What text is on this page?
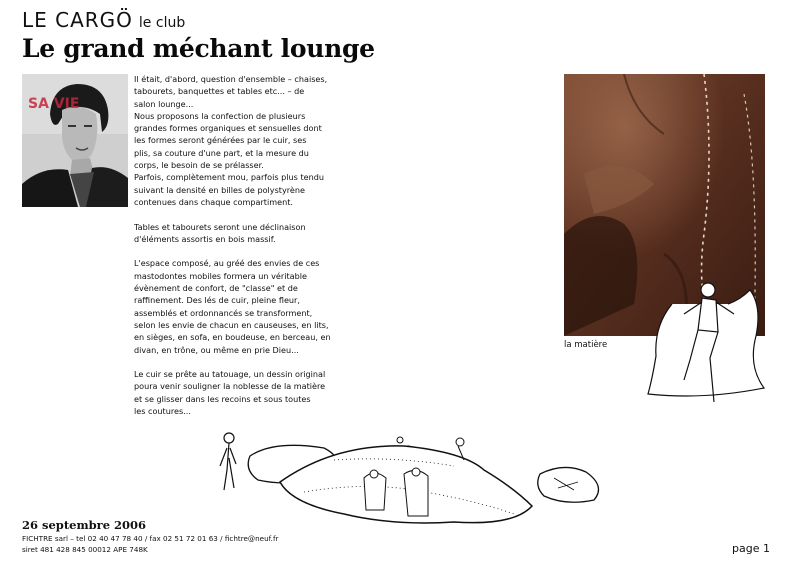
LE CARGÖ le club
Le grand méchant lounge
SA VIE

Il était, d'abord, question d'ensemble – chaises,
tabourets, banquettes et tables etc... – de
salon lounge...
Nous proposons la confection de plusieurs
grandes formes organiques et sensuelles dont
les formes seront générées par le cuir, ses
plis, sa couture d'une part, et la mesure du
corps, le besoin de se prélasser.
Parfois, complètement mou, parfois plus tendu
suivant la densité en billes de polystyrène
contenues dans chaque compartiment.

Tables et tabourets seront une déclinaison
d'éléments assortis en bois massif.

L'espace composé, au gréé des envies de ces
mastodontes mobiles formera un véritable
évènement de confort, de "classe" et de
raffinement. Des lés de cuir, pleine fleur,
assemblés et ordonnancés se transforment,
selon les envie de chacun en causeuses, en lits,
en sièges, en sofa, en boudeuse, en berceau, en
divan, en trône, ou même en prie Dieu...

Le cuir se prête au tatouage, un dessin original
poura venir souligner la noblesse de la matière
et se glisser dans les recoins et sous toutes
les coutures...

la matière
26 septembre 2006
FICHTRE sarl – tel 02 40 47 78 40 / fax 02 51 72 01 63 / fichtre@neuf.fr
siret 481 428 845 00012 APE 748K	page 1
